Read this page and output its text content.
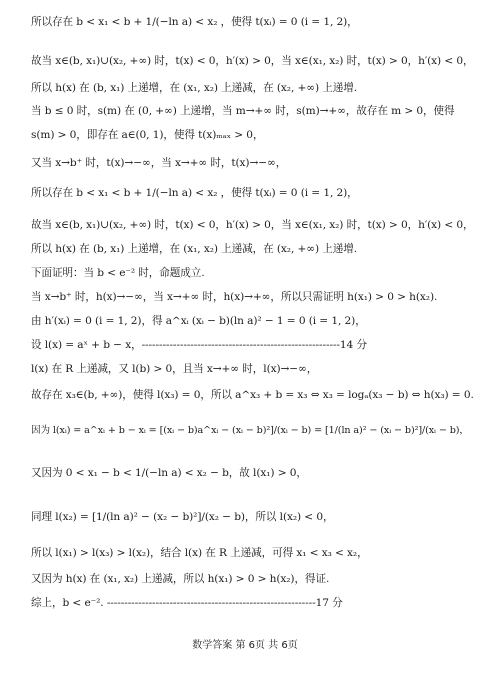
所以存在 b < x₁ < b + 1/(−ln a) < x₂ ，使得 t(xᵢ) = 0 (i = 1, 2)，
故当 x∈(b, x₁)∪(x₂, +∞) 时，t(x) < 0，h′(x) > 0，当 x∈(x₁, x₂) 时，t(x) > 0，h′(x) < 0，
所以 h(x) 在 (b, x₁) 上递增，在 (x₁, x₂) 上递减，在 (x₂, +∞) 上递增.
当 b ≤ 0 时，s(m) 在 (0, +∞) 上递增，当 m→+∞ 时，s(m)→+∞，故存在 m > 0，使得
s(m) > 0，即存在 a∈(0, 1)，使得 t(x)ₘₐₓ > 0，
又当 x→b⁺ 时，t(x)→−∞，当 x→+∞ 时，t(x)→−∞，
所以存在 b < x₁ < b + 1/(−ln a) < x₂ ，使得 t(xᵢ) = 0 (i = 1, 2)，
故当 x∈(b, x₁)∪(x₂, +∞) 时，t(x) < 0，h′(x) > 0，当 x∈(x₁, x₂) 时，t(x) > 0，h′(x) < 0，
所以 h(x) 在 (b, x₁) 上递增，在 (x₁, x₂) 上递减，在 (x₂, +∞) 上递增.
下面证明：当 b < e⁻² 时，命题成立.
当 x→b⁺ 时，h(x)→−∞，当 x→+∞ 时，h(x)→+∞，所以只需证明 h(x₁) > 0 > h(x₂).
由 h′(xᵢ) = 0 (i = 1, 2)，得 a^xᵢ (xᵢ − b)(ln a)² − 1 = 0 (i = 1, 2)，
设 l(x) = aˣ + b − x，---------------------------------------------------------14 分
l(x) 在 R 上递减，又 l(b) > 0，且当 x→+∞ 时，l(x)→−∞，
故存在 x₃∈(b, +∞)，使得 l(x₃) = 0，所以 a^x₃ + b = x₃ ⇔ x₃ = logₐ(x₃ − b) ⇔ h(x₃) = 0.
因为 l(xᵢ) = a^xᵢ + b − xᵢ = [(xᵢ − b)a^xᵢ − (xᵢ − b)²]/(xᵢ − b) = [1/(ln a)² − (xᵢ − b)²]/(xᵢ − b)，
又因为 0 < x₁ − b < 1/(−ln a) < x₂ − b，故 l(x₁) > 0，
同理 l(x₂) = [1/(ln a)² − (x₂ − b)²]/(x₂ − b)，所以 l(x₂) < 0，
所以 l(x₁) > l(x₃) > l(x₂)，结合 l(x) 在 R 上递减，可得 x₁ < x₃ < x₂，
又因为 h(x) 在 (x₁, x₂) 上递减，所以 h(x₁) > 0 > h(x₂)，得证.
综上，b < e⁻². ------------------------------------------------------------17 分
数学答案 第 6页 共 6页
